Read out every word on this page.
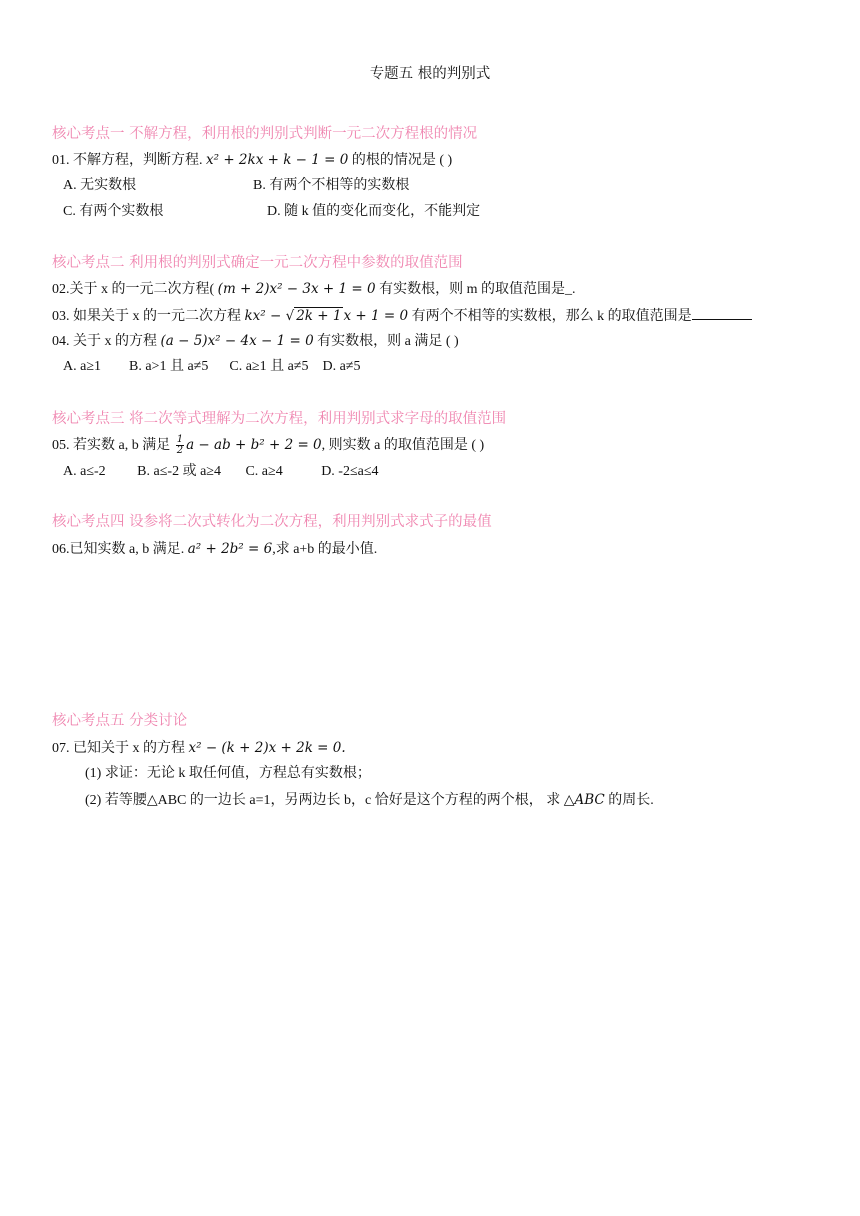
专题五 根的判别式
核心考点一 不解方程，利用根的判别式判断一元二次方程根的情况
01. 不解方程，判断方程. x² + 2kx + k − 1 = 0 的根的情况是 ( )
A. 无实数根	B. 有两个不相等的实数根
C. 有两个实数根	D. 随 k 值的变化而变化，不能判定
核心考点二 利用根的判别式确定一元二次方程中参数的取值范围
02.关于 x 的一元二次方程( (m + 2)x² − 3x + 1 = 0 有实数根，则 m 的取值范围是_.
03. 如果关于 x 的一元二次方程 kx² − √ 2k + 1 x + 1 = 0 有两个不相等的实数根，那么 k 的取值范围是
04. 关于 x 的方程 (a − 5)x² − 4x − 1 = 0 有实数根，则 a 满足 ( )
A. a≥1        B. a>1 且 a≠5      C. a≥1 且 a≠5    D. a≠5
核心考点三 将二次等式理解为二次方程，利用判别式求字母的取值范围
05. 若实数 a, b 满足 $\frac{1}{2}$ a − ab + b² + 2 = 0, 则实数 a 的取值范围是 ( )
A. a≤-2         B. a≤-2 或 a≥4       C. a≥4           D. -2≤a≤4
核心考点四 设参将二次式转化为二次方程，利用判别式求式子的最值
06.已知实数 a, b 满足. a² + 2b² = 6,求 a+b 的最小值.
核心考点五 分类讨论
07. 已知关于 x 的方程 x² − (k + 2)x + 2k = 0.
(1) 求证：无论 k 取任何值，方程总有实数根；
(2) 若等腰△ABC 的一边长 a=1，另两边长 b，c 恰好是这个方程的两个根， 求 △ABC 的周长.
